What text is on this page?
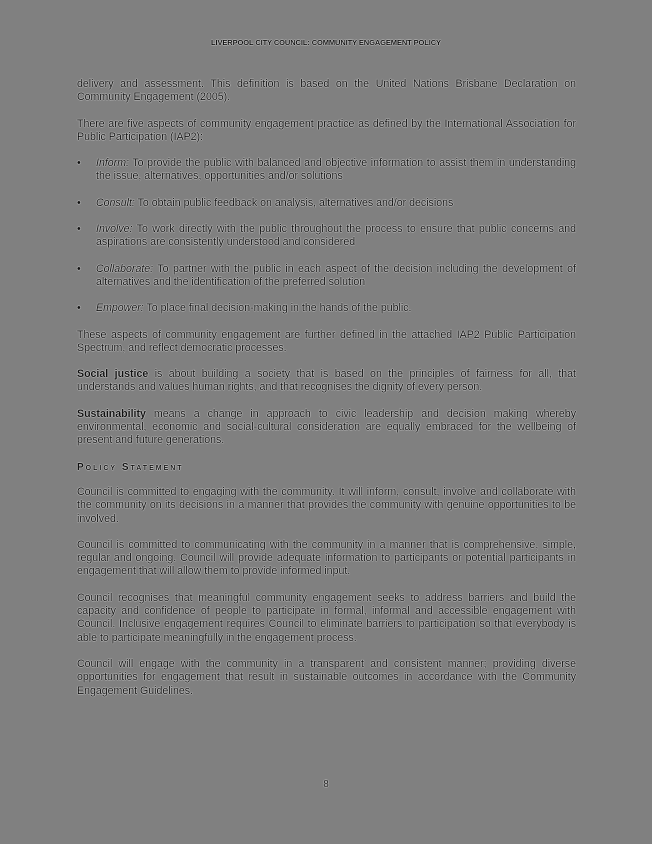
LIVERPOOL CITY COUNCIL: COMMUNITY ENGAGEMENT POLICY

delivery and assessment. This definition is based on the United Nations Brisbane Declaration on Community Engagement (2005).

There are five aspects of community engagement practice as defined by the International Association for Public Participation (IAP2):

• Inform: To provide the public with balanced and objective information to assist them in understanding the issue, alternatives, opportunities and/or solutions
• Consult: To obtain public feedback on analysis, alternatives and/or decisions
• Involve: To work directly with the public throughout the process to ensure that public concerns and aspirations are consistently understood and considered
• Collaborate: To partner with the public in each aspect of the decision including the development of alternatives and the identification of the preferred solution
• Empower: To place final decision-making in the hands of the public.

These aspects of community engagement are further defined in the attached IAP2 Public Participation Spectrum, and reflect democratic processes.

Social justice is about building a society that is based on the principles of fairness for all, that understands and values human rights, and that recognises the dignity of every person.

Sustainability means a change in approach to civic leadership and decision making whereby environmental, economic and social-cultural consideration are equally embraced for the wellbeing of present and future generations.

Policy Statement

Council is committed to engaging with the community. It will inform, consult, involve and collaborate with the community on its decisions in a manner that provides the community with genuine opportunities to be involved.

Council is committed to communicating with the community in a manner that is comprehensive, simple, regular and ongoing. Council will provide adequate information to participants or potential participants in engagement that will allow them to provide informed input.

Council recognises that meaningful community engagement seeks to address barriers and build the capacity and confidence of people to participate in formal, informal and accessible engagement with Council. Inclusive engagement requires Council to eliminate barriers to participation so that everybody is able to participate meaningfully in the engagement process.

Council will engage with the community in a transparent and consistent manner; providing diverse opportunities for engagement that result in sustainable outcomes in accordance with the Community Engagement Guidelines.

8
